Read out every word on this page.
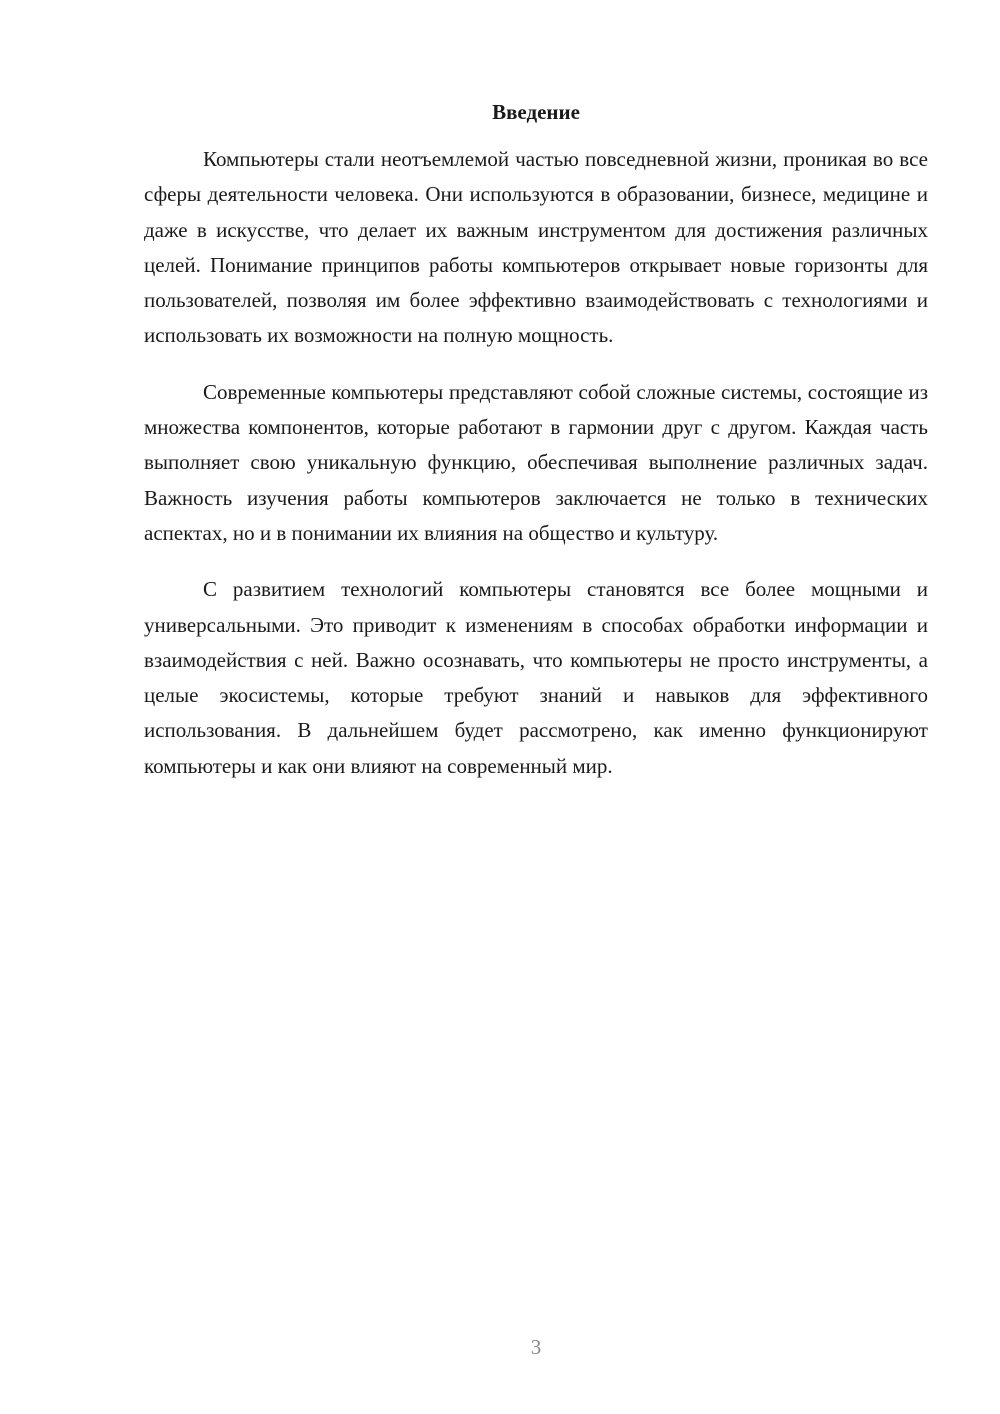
Введение

Компьютеры стали неотъемлемой частью повседневной жизни, проникая во все сферы деятельности человека. Они используются в образовании, бизнесе, медицине и даже в искусстве, что делает их важным инструментом для достижения различных целей. Понимание принципов работы компьютеров открывает новые горизонты для пользователей, позволяя им более эффективно взаимодействовать с технологиями и использовать их возможности на полную мощность.

Современные компьютеры представляют собой сложные системы, состоящие из множества компонентов, которые работают в гармонии друг с другом. Каждая часть выполняет свою уникальную функцию, обеспечивая выполнение различных задач. Важность изучения работы компьютеров заключается не только в технических аспектах, но и в понимании их влияния на общество и культуру.

С развитием технологий компьютеры становятся все более мощными и универсальными. Это приводит к изменениям в способах обработки информации и взаимодействия с ней. Важно осознавать, что компьютеры не просто инструменты, а целые экосистемы, которые требуют знаний и навыков для эффективного использования. В дальнейшем будет рассмотрено, как именно функционируют компьютеры и как они влияют на современный мир.

3
